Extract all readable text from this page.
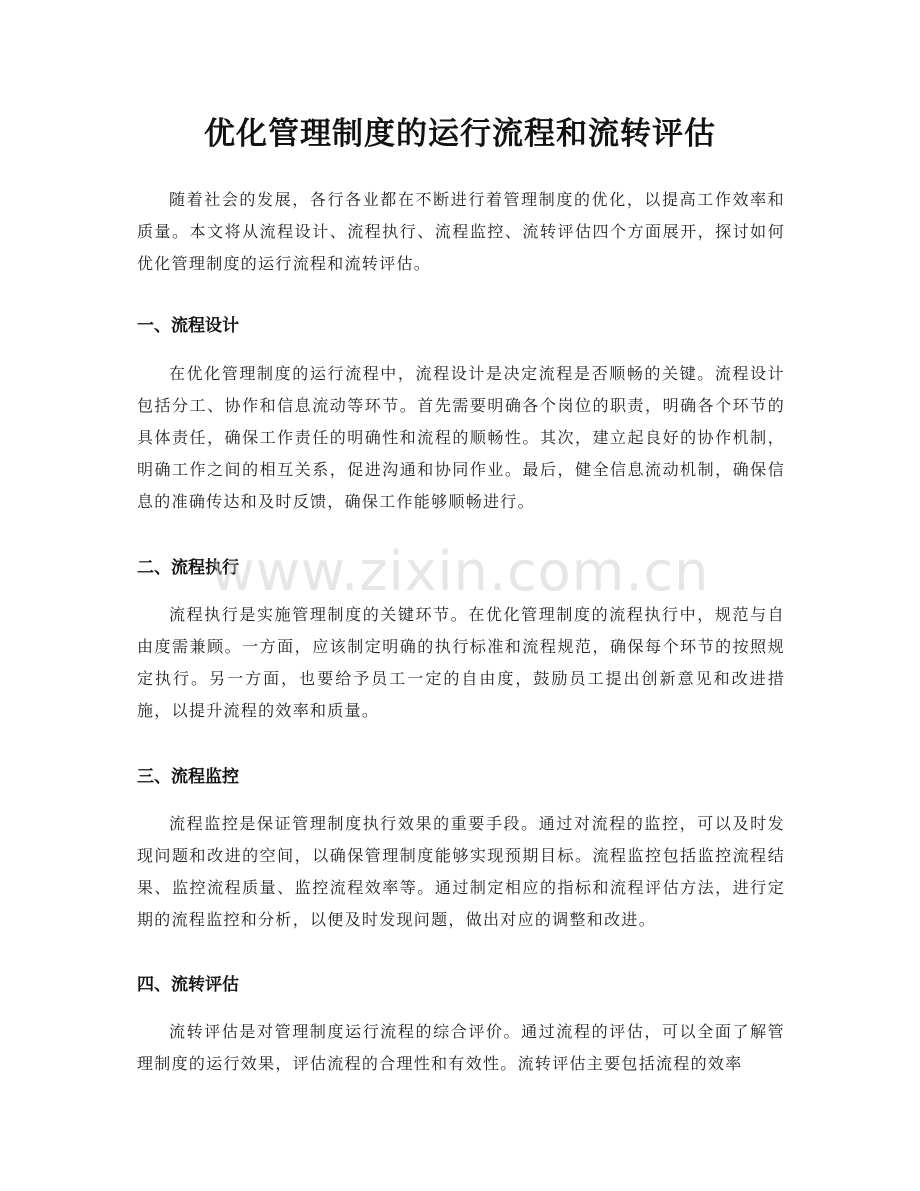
优化管理制度的运行流程和流转评估
随着社会的发展，各行各业都在不断进行着管理制度的优化，以提高工作效率和质量。本文将从流程设计、流程执行、流程监控、流转评估四个方面展开，探讨如何优化管理制度的运行流程和流转评估。
一、流程设计
在优化管理制度的运行流程中，流程设计是决定流程是否顺畅的关键。流程设计包括分工、协作和信息流动等环节。首先需要明确各个岗位的职责，明确各个环节的具体责任，确保工作责任的明确性和流程的顺畅性。其次，建立起良好的协作机制，明确工作之间的相互关系，促进沟通和协同作业。最后，健全信息流动机制，确保信息的准确传达和及时反馈，确保工作能够顺畅进行。
二、流程执行
流程执行是实施管理制度的关键环节。在优化管理制度的流程执行中，规范与自由度需兼顾。一方面，应该制定明确的执行标准和流程规范，确保每个环节的按照规定执行。另一方面，也要给予员工一定的自由度，鼓励员工提出创新意见和改进措施，以提升流程的效率和质量。
三、流程监控
流程监控是保证管理制度执行效果的重要手段。通过对流程的监控，可以及时发现问题和改进的空间，以确保管理制度能够实现预期目标。流程监控包括监控流程结果、监控流程质量、监控流程效率等。通过制定相应的指标和流程评估方法，进行定期的流程监控和分析，以便及时发现问题，做出对应的调整和改进。
四、流转评估
流转评估是对管理制度运行流程的综合评价。通过流程的评估，可以全面了解管理制度的运行效果，评估流程的合理性和有效性。流转评估主要包括流程的效率
www.zixin.com.cn
